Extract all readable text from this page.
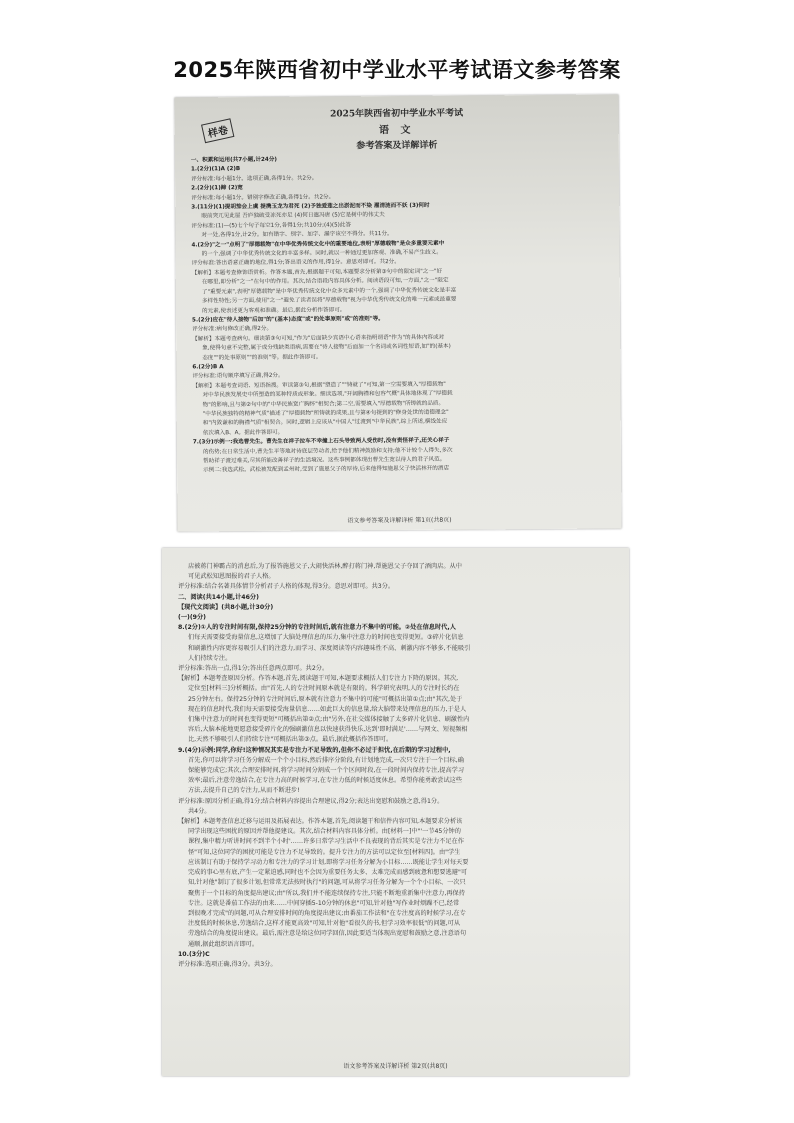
2025年陕西省初中学业水平考试语文参考答案
样卷
2025年陕西省初中学业水平考试
语 文
参考答案及详解详析
一、积累和运用(共7小题,计24分)
1.(2分)(1)A (2)B
评分标准:每小题1分。选项正确,各得1分。共2分。
2.(2分)(1)蹄 (2)宽
评分标准:每小题1分。错别字修改正确,各得1分。共2分。
3.(11分)(1)提胡笳会上虞 提携玉龙为君死 (2)予独爱莲之出淤泥而不染 濯清涟而不妖 (3)何时
眼前突兀见此屋 吾庐独破受冻死亦足 (4)何日遣冯唐 (5)它是树中的伟丈夫
评分标准:(1)—(5)七个句子每空1分,各得1分;共10分;(4)(5)此答
对一处,各得1分,计2分。如有错字、别字、加字、漏字该空不得分。共11分。
4.(2分)"之一"点明了"厚德载物"在中华优秀传统文化中的重要地位,表明"厚德载物"是众多重要元素中
的一个,强调了中华优秀传统文化的丰富多样。同时,就以一种通过更加客观、准确,不易产生歧义。
评分标准:答出语意正确的地位,得1分;答出语义的作用,得1分。意思对即可。共2分。
【解析】本题考查修饰语赏析。作答本题,首先,根据题干可知,本题要求分析第③句中的限定词"之一"好
在哪里,即分析"之一"在句中的作用。其次,结合语段内容具体分析。阅读语段可知,一方面,"之一"限定
了"重要元素",表明"厚德载物"是中华优秀传统文化中众多元素中的一个,强调了中华优秀传统文化是丰富
多样性特性;另一方面,使用"之一"避免了读者误将"厚德载物"视为中华优秀传统文化的唯一元素或最重要
的元素,使表述更为客观和准确。最后,据此分析作答即可。
5.(2分)应在"待人接物"后加"的"(基本)态度"或"的处事原则"或"的准则"等。
评分标准:病句修改正确,得2分。
【解析】本题考查病句。细读第③句可知,"作为"后面缺少宾语中心语来指明谓语"作为"的具体内容或对
象,使得句意不完整,属于成分残缺类语病,需要在"待人接物"后面加一个名词或名词性短语,如"的(基本)
态度""的处事原则""的准则"等。据此作答即可。
6.(2分)B A
评分标准:语句顺序填写正确,得2分。
【解析】本题考查词语、短语指搜。审读第③句,根据"塑造了""铸就了"可知,第一空需要填入"厚德载物"
对中华民族发展史中所塑造的某种特质或形象。细读选项,"开阔胸襟和包容气概"具体地体现了"厚德载
物"的影响,且与第②句中的"中华民族宽广胸怀"相契合;第二空,需要填入"厚德载物"所铸就的品质。
"中华民族独特的精神气质"描述了"厚德载物"所铸就的成果,且与第④句提到的"修身处世的道德理念"
和"内敛谦和的胸襟气质"相契合。同时,逻辑上应该从"中国人"过渡到"中华民族",综上所述,横线处应
依次填入B、A。据此作答即可。
7.(3分)示例一:我选曹先生。曹先生在祥子拉车不幸撞上石头导致两人受伤时,没有责怪祥子,还关心祥子
的伤势;在日常生活中,曹先生平等地对待底层劳动者,给予他们精神鼓励和支持;他不计较个人得失,多次
帮助祥子渡过难关,尽其所能改善祥子的生活境况。这些事例都体现出曹先生宽以待人的君子风范。
示例二:我选武松。武松被发配到孟州时,受到了施恩父子的厚待,后来他得知施恩父子快活林开的酒店
语文参考答案及详解详析 第1页(共8页)
店被蒋门神霸占的消息后,为了报答施恩父子,大闹快活林,醉打蒋门神,帮施恩父子夺回了酒肉店。从中
可见武松知恩图报的君子人格。
评分标准:结合名著具体情节分析君子人格的体现,得3分。意思对即可。共3分。
二、阅读(共14小题,计46分)
【现代文阅读】(共8小题,计30分)
(一)(9分)
8.(2分)①人的专注时间有限,保持25分钟的专注时间后,就有注意力不集中的可能。②处在信息时代,人
们每天需要接受海量信息,这增加了大脑处理信息的压力,集中注意力的时间也变得更短。③碎片化信息
和刷激性内容更容易吸引人们的注意力,而学习、深度阅读等内容趣味性不高、刺激内容不够多,不能吸引
人们持续专注。
评分标准:答出一点,得1分;答出任意两点即可。共2分。
【解析】本题考查原因分析。作答本题,首先,阅读题干可知,本题要求概括人们专注力下降的原因。其次,
定位至[材料三]分析概括。由"首先,人的专注时间原本就是有限的。科学研究表明,人的专注时长约在
25分钟左右。保持25分钟的专注时间后,原本就有注意力不集中的可能"可概括出第①点;由"其次,处于
现在的信息时代,我们每天需要接受海量信息……如此巨大的信息量,给大脑带来处理信息的压力,于是人
们集中注意力的时间也变得更短"可概括出第②点;由"另外,在社交媒体接触了太多碎片化信息、刷激性内
容后,大脑本能地更愿意接受碎片化的强刷激信息以快速获得快乐,达到'即时满足'……与网文、短视频相
比,天然不够吸引人们持续专注"可概括出第③点。最后,据此概括作答即可。
9.(4分)示例:同学,你好!这种情况其实是专注力不足导致的,但你不必过于担忧,在后期的学习过程中,
首先,你可以将学习任务分解成一个个小目标,然后排序分阶段,有计划地完成,一次只专注于一个目标,确
保能够完成它;其次,合理安排时间,将学习时间分割成一个个区间时段,在一段时间内保持专注,提高学习
效率;最后,注意劳逸结合,在专注力高的时候学习,在专注力低的时候适度休息。希望你能勇敢尝试这些
方法,去提升自己的专注力,从而不断进步!
评分标准:原因分析正确,得1分;结合材料内容提出合理建议,得2分;表达出宽慰和鼓励之意,得1分。
共4分。
【解析】本题考查信息迁移与运用及拓展表达。作答本题,首先,阅读题干和信件内容可知,本题要求分析该
同学出现这些困扰的原因并帮他提建议。其次,结合材料内容具体分析。由[材料一]中"'一节45分钟的
课程,集中精力听讲时间不到半个小时'……许多日常学习生活中不良表现的背后其实是专注力不足在作
怪"可知,这位同学的困扰可能是专注力不足导致的。提升专注力的方法可以定位至[材料四]。由"学生
应该制订有助于保持学习动力和专注力的学习计划,即将学习任务分解为小目标……既能让学生对每天要
完成的事心里有底,产生一定紧迫感,同时也不会因为重要任务太多、太难完成而感到疲惫和想要逃避"可
知,针对他"制订了很多计划,但常常无法按时执行"的问题,可从将学习任务分解为一个个小目标、一次只
聚焦于一个目标的角度提出建议;由"所以,我们并不能连续保持专注,只能不断地重新集中注意力,再保持
专注。这就是番茄工作法的由来……中间穿插5-10分钟的休息"可知,针对他"写作业时烦躁不已,经常
到很晚才完成"的问题,可从合理安排时间的角度提出建议;由番茄工作法和"在专注度高的时候学习,在专
注度低的时候休息,劳逸结合,这样才能更高效"可知,针对他"看很久的书,但学习效率很低"的问题,可从
劳逸结合的角度提出建议。最后,需注意是给这位同学回信,因此要适当体现出宽慰和鼓励之意,注意语句
通顺,据此组织语言即可。
10.(3分)C
评分标准:选项正确,得3分。共3分。
语文参考答案及详解详析 第2页(共8页)
